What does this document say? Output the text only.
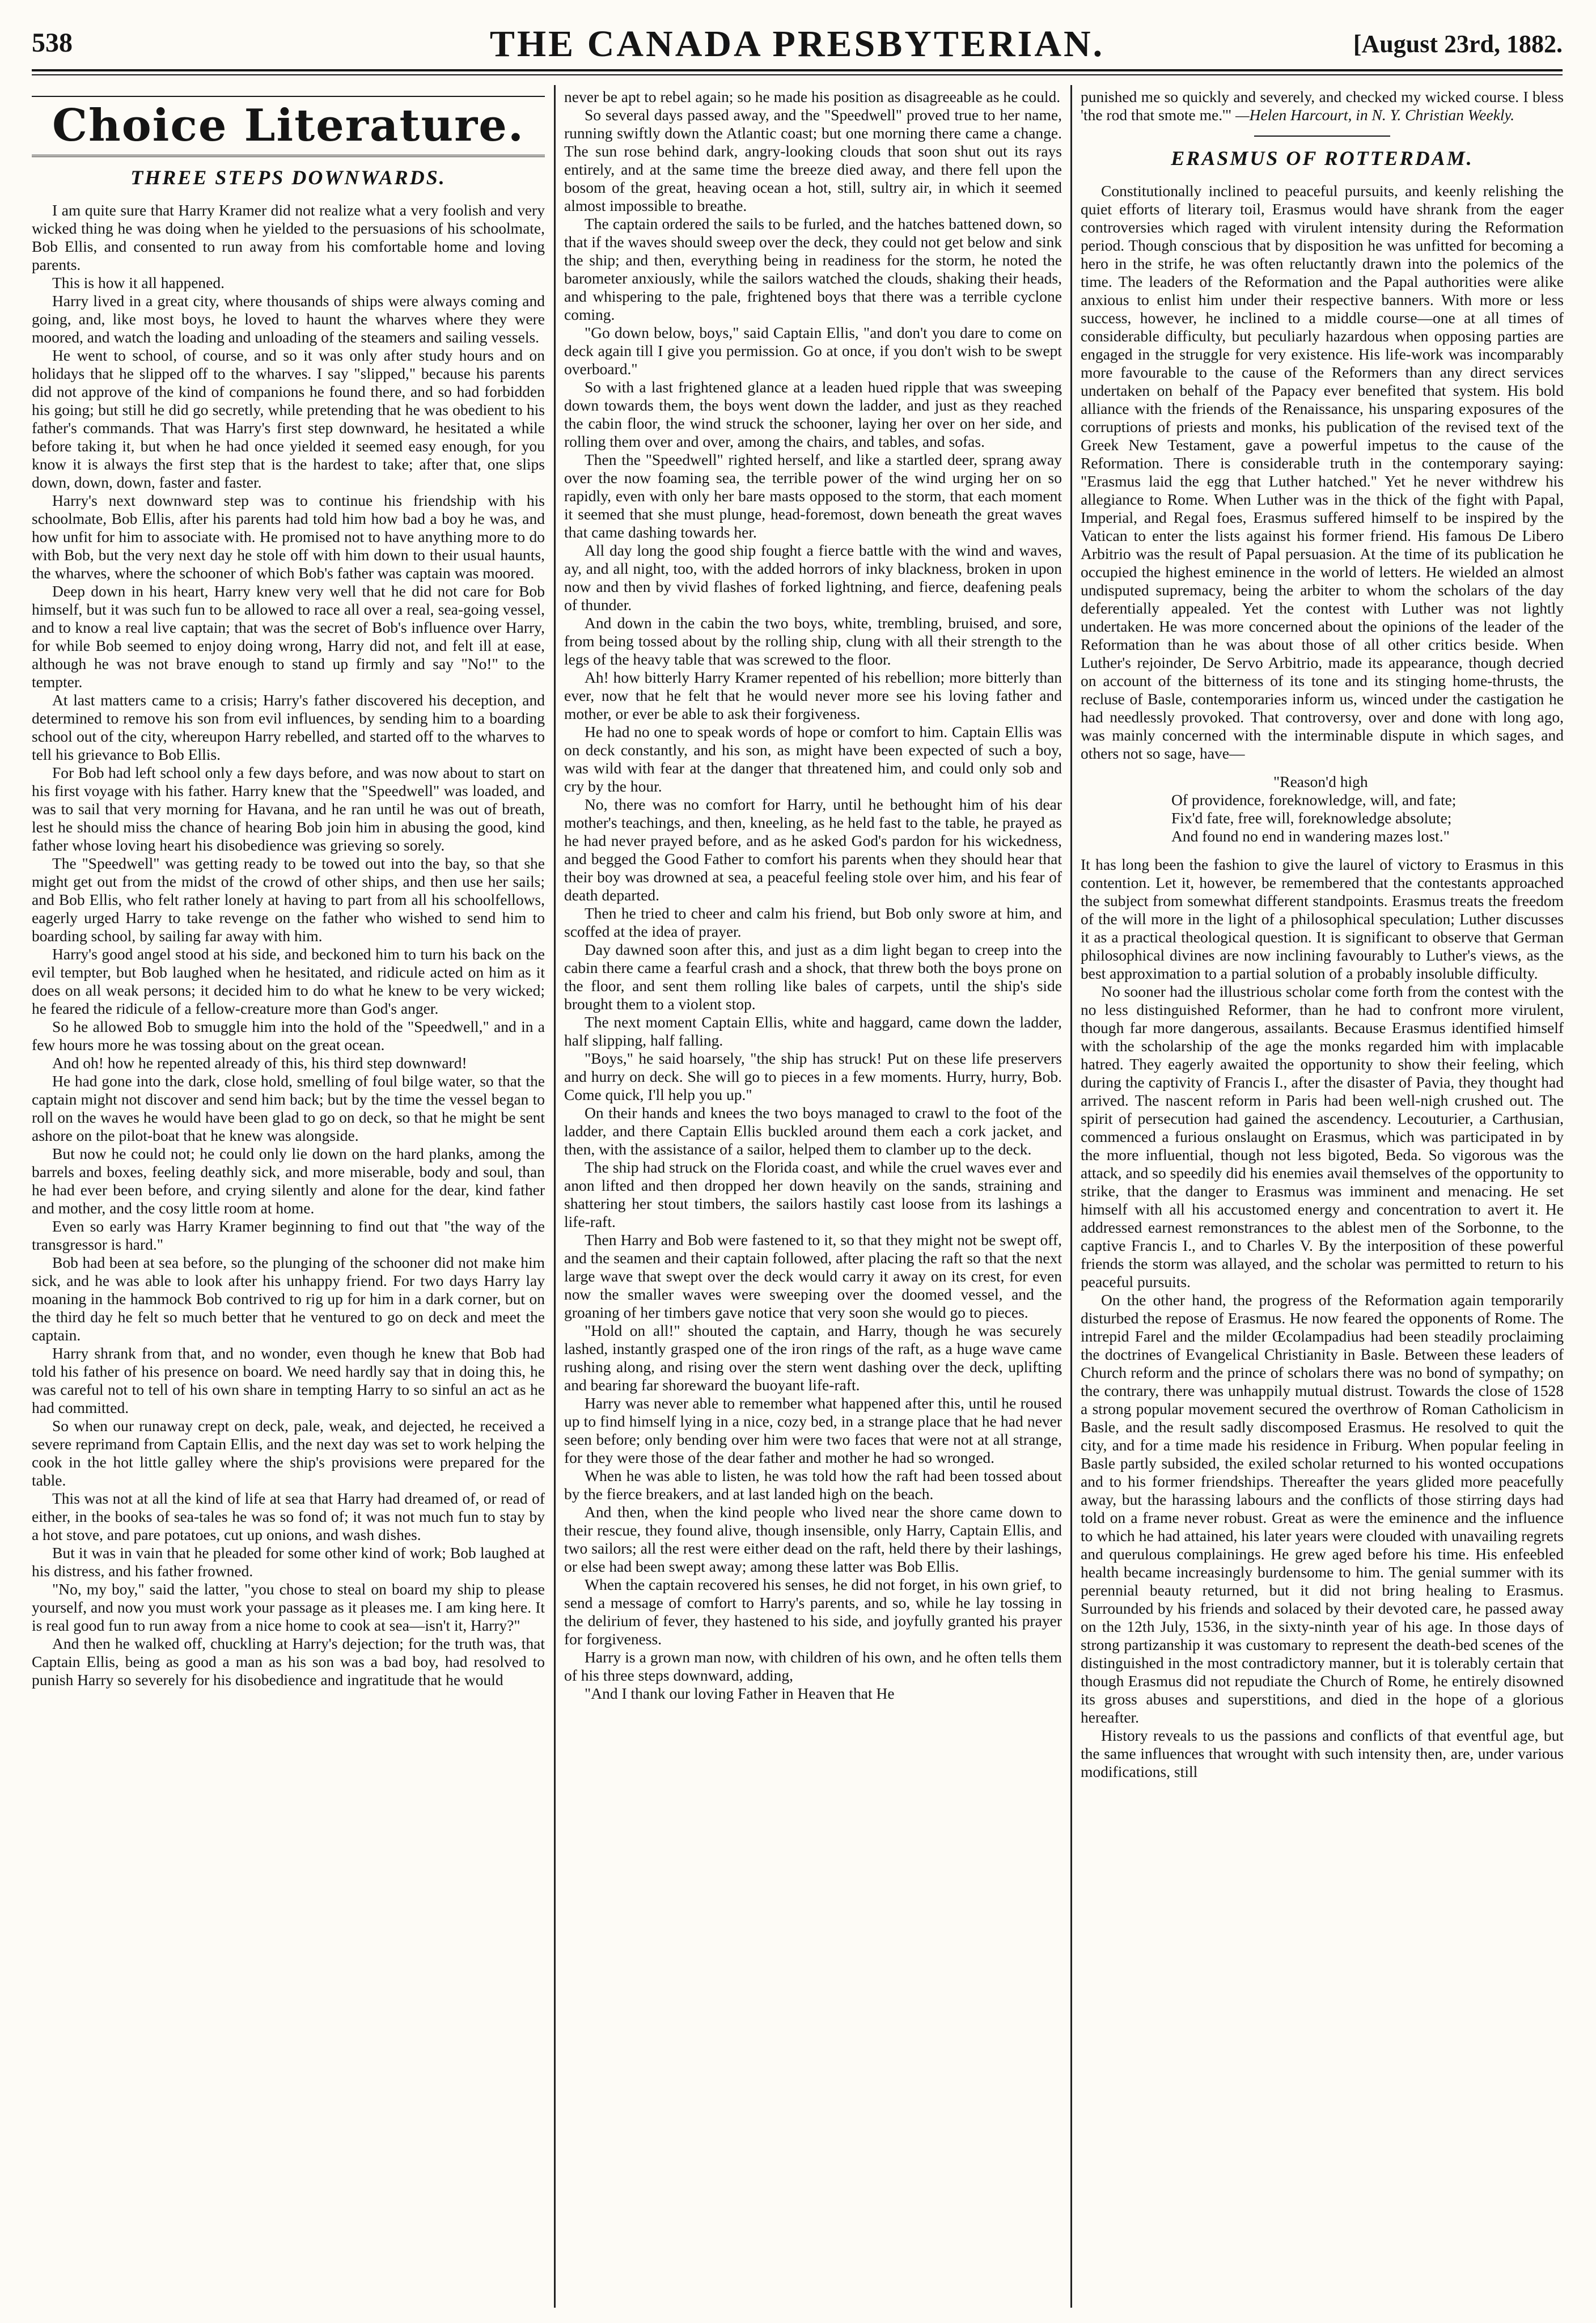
538	THE CANADA PRESBYTERIAN.	[August 23rd, 1882.
Choice Literature.
THREE STEPS DOWNWARDS.

I am quite sure that Harry Kramer did not realize what a very foolish and very wicked thing he was doing when he yielded to the persuasions of his schoolmate, Bob Ellis, and consented to run away from his comfortable home and loving parents.

This is how it all happened.

Harry lived in a great city, where thousands of ships were always coming and going, and, like most boys, he loved to haunt the wharves where they were moored, and watch the loading and unloading of the steamers and sailing vessels.

He went to school, of course, and so it was only after study hours and on holidays that he slipped off to the wharves. I say "slipped," because his parents did not approve of the kind of companions he found there, and so had forbidden his going; but still he did go secretly, while pretending that he was obedient to his father's commands. That was Harry's first step downward, he hesitated a while before taking it, but when he had once yielded it seemed easy enough, for you know it is always the first step that is the hardest to take; after that, one slips down, down, down, faster and faster.

Harry's next downward step was to continue his friendship with his schoolmate, Bob Ellis, after his parents had told him how bad a boy he was, and how unfit for him to associate with. He promised not to have anything more to do with Bob, but the very next day he stole off with him down to their usual haunts, the wharves, where the schooner of which Bob's father was captain was moored.

Deep down in his heart, Harry knew very well that he did not care for Bob himself, but it was such fun to be allowed to race all over a real, sea-going vessel, and to know a real live captain; that was the secret of Bob's influence over Harry, for while Bob seemed to enjoy doing wrong, Harry did not, and felt ill at ease, although he was not brave enough to stand up firmly and say "No!" to the tempter.

At last matters came to a crisis; Harry's father discovered his deception, and determined to remove his son from evil influences, by sending him to a boarding school out of the city, whereupon Harry rebelled, and started off to the wharves to tell his grievance to Bob Ellis.

For Bob had left school only a few days before, and was now about to start on his first voyage with his father. Harry knew that the "Speedwell" was loaded, and was to sail that very morning for Havana, and he ran until he was out of breath, lest he should miss the chance of hearing Bob join him in abusing the good, kind father whose loving heart his disobedience was grieving so sorely.

The "Speedwell" was getting ready to be towed out into the bay, so that she might get out from the midst of the crowd of other ships, and then use her sails; and Bob Ellis, who felt rather lonely at having to part from all his schoolfellows, eagerly urged Harry to take revenge on the father who wished to send him to boarding school, by sailing far away with him.

Harry's good angel stood at his side, and beckoned him to turn his back on the evil tempter, but Bob laughed when he hesitated, and ridicule acted on him as it does on all weak persons; it decided him to do what he knew to be very wicked; he feared the ridicule of a fellow-creature more than God's anger.

So he allowed Bob to smuggle him into the hold of the "Speedwell," and in a few hours more he was tossing about on the great ocean.

And oh! how he repented already of this, his third step downward!

He had gone into the dark, close hold, smelling of foul bilge water, so that the captain might not discover and send him back; but by the time the vessel began to roll on the waves he would have been glad to go on deck, so that he might be sent ashore on the pilot-boat that he knew was alongside.

But now he could not; he could only lie down on the hard planks, among the barrels and boxes, feeling deathly sick, and more miserable, body and soul, than he had ever been before, and crying silently and alone for the dear, kind father and mother, and the cosy little room at home.

Even so early was Harry Kramer beginning to find out that "the way of the transgressor is hard."

Bob had been at sea before, so the plunging of the schooner did not make him sick, and he was able to look after his unhappy friend. For two days Harry lay moaning in the hammock Bob contrived to rig up for him in a dark corner, but on the third day he felt so much better that he ventured to go on deck and meet the captain.

Harry shrank from that, and no wonder, even though he knew that Bob had told his father of his presence on board. We need hardly say that in doing this, he was careful not to tell of his own share in tempting Harry to so sinful an act as he had committed.

So when our runaway crept on deck, pale, weak, and dejected, he received a severe reprimand from Captain Ellis, and the next day was set to work helping the cook in the hot little galley where the ship's provisions were prepared for the table.

This was not at all the kind of life at sea that Harry had dreamed of, or read of either, in the books of sea-tales he was so fond of; it was not much fun to stay by a hot stove, and pare potatoes, cut up onions, and wash dishes.

But it was in vain that he pleaded for some other kind of work; Bob laughed at his distress, and his father frowned.

"No, my boy," said the latter, "you chose to steal on board my ship to please yourself, and now you must work your passage as it pleases me. I am king here. It is real good fun to run away from a nice home to cook at sea—isn't it, Harry?"

And then he walked off, chuckling at Harry's dejection; for the truth was, that Captain Ellis, being as good a man as his son was a bad boy, had resolved to punish Harry so severely for his disobedience and ingratitude that he would

never be apt to rebel again; so he made his position as disagreeable as he could.

So several days passed away, and the "Speedwell" proved true to her name, running swiftly down the Atlantic coast; but one morning there came a change. The sun rose behind dark, angry-looking clouds that soon shut out its rays entirely, and at the same time the breeze died away, and there fell upon the bosom of the great, heaving ocean a hot, still, sultry air, in which it seemed almost impossible to breathe.

The captain ordered the sails to be furled, and the hatches battened down, so that if the waves should sweep over the deck, they could not get below and sink the ship; and then, everything being in readiness for the storm, he noted the barometer anxiously, while the sailors watched the clouds, shaking their heads, and whispering to the pale, frightened boys that there was a terrible cyclone coming.

"Go down below, boys," said Captain Ellis, "and don't you dare to come on deck again till I give you permission. Go at once, if you don't wish to be swept overboard."

So with a last frightened glance at a leaden hued ripple that was sweeping down towards them, the boys went down the ladder, and just as they reached the cabin floor, the wind struck the schooner, laying her over on her side, and rolling them over and over, among the chairs, and tables, and sofas.

Then the "Speedwell" righted herself, and like a startled deer, sprang away over the now foaming sea, the terrible power of the wind urging her on so rapidly, even with only her bare masts opposed to the storm, that each moment it seemed that she must plunge, head-foremost, down beneath the great waves that came dashing towards her.

All day long the good ship fought a fierce battle with the wind and waves, ay, and all night, too, with the added horrors of inky blackness, broken in upon now and then by vivid flashes of forked lightning, and fierce, deafening peals of thunder.

And down in the cabin the two boys, white, trembling, bruised, and sore, from being tossed about by the rolling ship, clung with all their strength to the legs of the heavy table that was screwed to the floor.

Ah! how bitterly Harry Kramer repented of his rebellion; more bitterly than ever, now that he felt that he would never more see his loving father and mother, or ever be able to ask their forgiveness.

He had no one to speak words of hope or comfort to him. Captain Ellis was on deck constantly, and his son, as might have been expected of such a boy, was wild with fear at the danger that threatened him, and could only sob and cry by the hour.

No, there was no comfort for Harry, until he bethought him of his dear mother's teachings, and then, kneeling, as he held fast to the table, he prayed as he had never prayed before, and as he asked God's pardon for his wickedness, and begged the Good Father to comfort his parents when they should hear that their boy was drowned at sea, a peaceful feeling stole over him, and his fear of death departed.

Then he tried to cheer and calm his friend, but Bob only swore at him, and scoffed at the idea of prayer.

Day dawned soon after this, and just as a dim light began to creep into the cabin there came a fearful crash and a shock, that threw both the boys prone on the floor, and sent them rolling like bales of carpets, until the ship's side brought them to a violent stop.

The next moment Captain Ellis, white and haggard, came down the ladder, half slipping, half falling.

"Boys," he said hoarsely, "the ship has struck! Put on these life preservers and hurry on deck. She will go to pieces in a few moments. Hurry, hurry, Bob. Come quick, I'll help you up."

On their hands and knees the two boys managed to crawl to the foot of the ladder, and there Captain Ellis buckled around them each a cork jacket, and then, with the assistance of a sailor, helped them to clamber up to the deck.

The ship had struck on the Florida coast, and while the cruel waves ever and anon lifted and then dropped her down heavily on the sands, straining and shattering her stout timbers, the sailors hastily cast loose from its lashings a life-raft.

Then Harry and Bob were fastened to it, so that they might not be swept off, and the seamen and their captain followed, after placing the raft so that the next large wave that swept over the deck would carry it away on its crest, for even now the smaller waves were sweeping over the doomed vessel, and the groaning of her timbers gave notice that very soon she would go to pieces.

"Hold on all!" shouted the captain, and Harry, though he was securely lashed, instantly grasped one of the iron rings of the raft, as a huge wave came rushing along, and rising over the stern went dashing over the deck, uplifting and bearing far shoreward the buoyant life-raft.

Harry was never able to remember what happened after this, until he roused up to find himself lying in a nice, cozy bed, in a strange place that he had never seen before; only bending over him were two faces that were not at all strange, for they were those of the dear father and mother he had so wronged.

When he was able to listen, he was told how the raft had been tossed about by the fierce breakers, and at last landed high on the beach.

And then, when the kind people who lived near the shore came down to their rescue, they found alive, though insensible, only Harry, Captain Ellis, and two sailors; all the rest were either dead on the raft, held there by their lashings, or else had been swept away; among these latter was Bob Ellis.

When the captain recovered his senses, he did not forget, in his own grief, to send a message of comfort to Harry's parents, and so, while he lay tossing in the delirium of fever, they hastened to his side, and joyfully granted his prayer for forgiveness.

Harry is a grown man now, with children of his own, and he often tells them of his three steps downward, adding,

"And I thank our loving Father in Heaven that He

punished me so quickly and severely, and checked my wicked course. I bless 'the rod that smote me.'" —Helen Harcourt, in N. Y. Christian Weekly.

ERASMUS OF ROTTERDAM.

Constitutionally inclined to peaceful pursuits, and keenly relishing the quiet efforts of literary toil, Erasmus would have shrank from the eager controversies which raged with virulent intensity during the Reformation period. Though conscious that by disposition he was unfitted for becoming a hero in the strife, he was often reluctantly drawn into the polemics of the time. The leaders of the Reformation and the Papal authorities were alike anxious to enlist him under their respective banners. With more or less success, however, he inclined to a middle course—one at all times of considerable difficulty, but peculiarly hazardous when opposing parties are engaged in the struggle for very existence. His life-work was incomparably more favourable to the cause of the Reformers than any direct services undertaken on behalf of the Papacy ever benefited that system. His bold alliance with the friends of the Renaissance, his unsparing exposures of the corruptions of priests and monks, his publication of the revised text of the Greek New Testament, gave a powerful impetus to the cause of the Reformation. There is considerable truth in the contemporary saying: "Erasmus laid the egg that Luther hatched." Yet he never withdrew his allegiance to Rome. When Luther was in the thick of the fight with Papal, Imperial, and Regal foes, Erasmus suffered himself to be inspired by the Vatican to enter the lists against his former friend. His famous De Libero Arbitrio was the result of Papal persuasion. At the time of its publication he occupied the highest eminence in the world of letters. He wielded an almost undisputed supremacy, being the arbiter to whom the scholars of the day deferentially appealed. Yet the contest with Luther was not lightly undertaken. He was more concerned about the opinions of the leader of the Reformation than he was about those of all other critics beside. When Luther's rejoinder, De Servo Arbitrio, made its appearance, though decried on account of the bitterness of its tone and its stinging home-thrusts, the recluse of Basle, contemporaries inform us, winced under the castigation he had needlessly provoked. That controversy, over and done with long ago, was mainly concerned with the interminable dispute in which sages, and others not so sage, have—

"Reason'd high
Of providence, foreknowledge, will, and fate;
Fix'd fate, free will, foreknowledge absolute;
And found no end in wandering mazes lost."

It has long been the fashion to give the laurel of victory to Erasmus in this contention. Let it, however, be remembered that the contestants approached the subject from somewhat different standpoints. Erasmus treats the freedom of the will more in the light of a philosophical speculation; Luther discusses it as a practical theological question. It is significant to observe that German philosophical divines are now inclining favourably to Luther's views, as the best approximation to a partial solution of a probably insoluble difficulty.

No sooner had the illustrious scholar come forth from the contest with the no less distinguished Reformer, than he had to confront more virulent, though far more dangerous, assailants. Because Erasmus identified himself with the scholarship of the age the monks regarded him with implacable hatred. They eagerly awaited the opportunity to show their feeling, which during the captivity of Francis I., after the disaster of Pavia, they thought had arrived. The nascent reform in Paris had been well-nigh crushed out. The spirit of persecution had gained the ascendency. Lecouturier, a Carthusian, commenced a furious onslaught on Erasmus, which was participated in by the more influential, though not less bigoted, Beda. So vigorous was the attack, and so speedily did his enemies avail themselves of the opportunity to strike, that the danger to Erasmus was imminent and menacing. He set himself with all his accustomed energy and concentration to avert it. He addressed earnest remonstrances to the ablest men of the Sorbonne, to the captive Francis I., and to Charles V. By the interposition of these powerful friends the storm was allayed, and the scholar was permitted to return to his peaceful pursuits.

On the other hand, the progress of the Reformation again temporarily disturbed the repose of Erasmus. He now feared the opponents of Rome. The intrepid Farel and the milder Œcolampadius had been steadily proclaiming the doctrines of Evangelical Christianity in Basle. Between these leaders of Church reform and the prince of scholars there was no bond of sympathy; on the contrary, there was unhappily mutual distrust. Towards the close of 1528 a strong popular movement secured the overthrow of Roman Catholicism in Basle, and the result sadly discomposed Erasmus. He resolved to quit the city, and for a time made his residence in Friburg. When popular feeling in Basle partly subsided, the exiled scholar returned to his wonted occupations and to his former friendships. Thereafter the years glided more peacefully away, but the harassing labours and the conflicts of those stirring days had told on a frame never robust. Great as were the eminence and the influence to which he had attained, his later years were clouded with unavailing regrets and querulous complainings. He grew aged before his time. His enfeebled health became increasingly burdensome to him. The genial summer with its perennial beauty returned, but it did not bring healing to Erasmus. Surrounded by his friends and solaced by their devoted care, he passed away on the 12th July, 1536, in the sixty-ninth year of his age. In those days of strong partizanship it was customary to represent the death-bed scenes of the distinguished in the most contradictory manner, but it is tolerably certain that though Erasmus did not repudiate the Church of Rome, he entirely disowned its gross abuses and superstitions, and died in the hope of a glorious hereafter.

History reveals to us the passions and conflicts of that eventful age, but the same influences that wrought with such intensity then, are, under various modifications, still
